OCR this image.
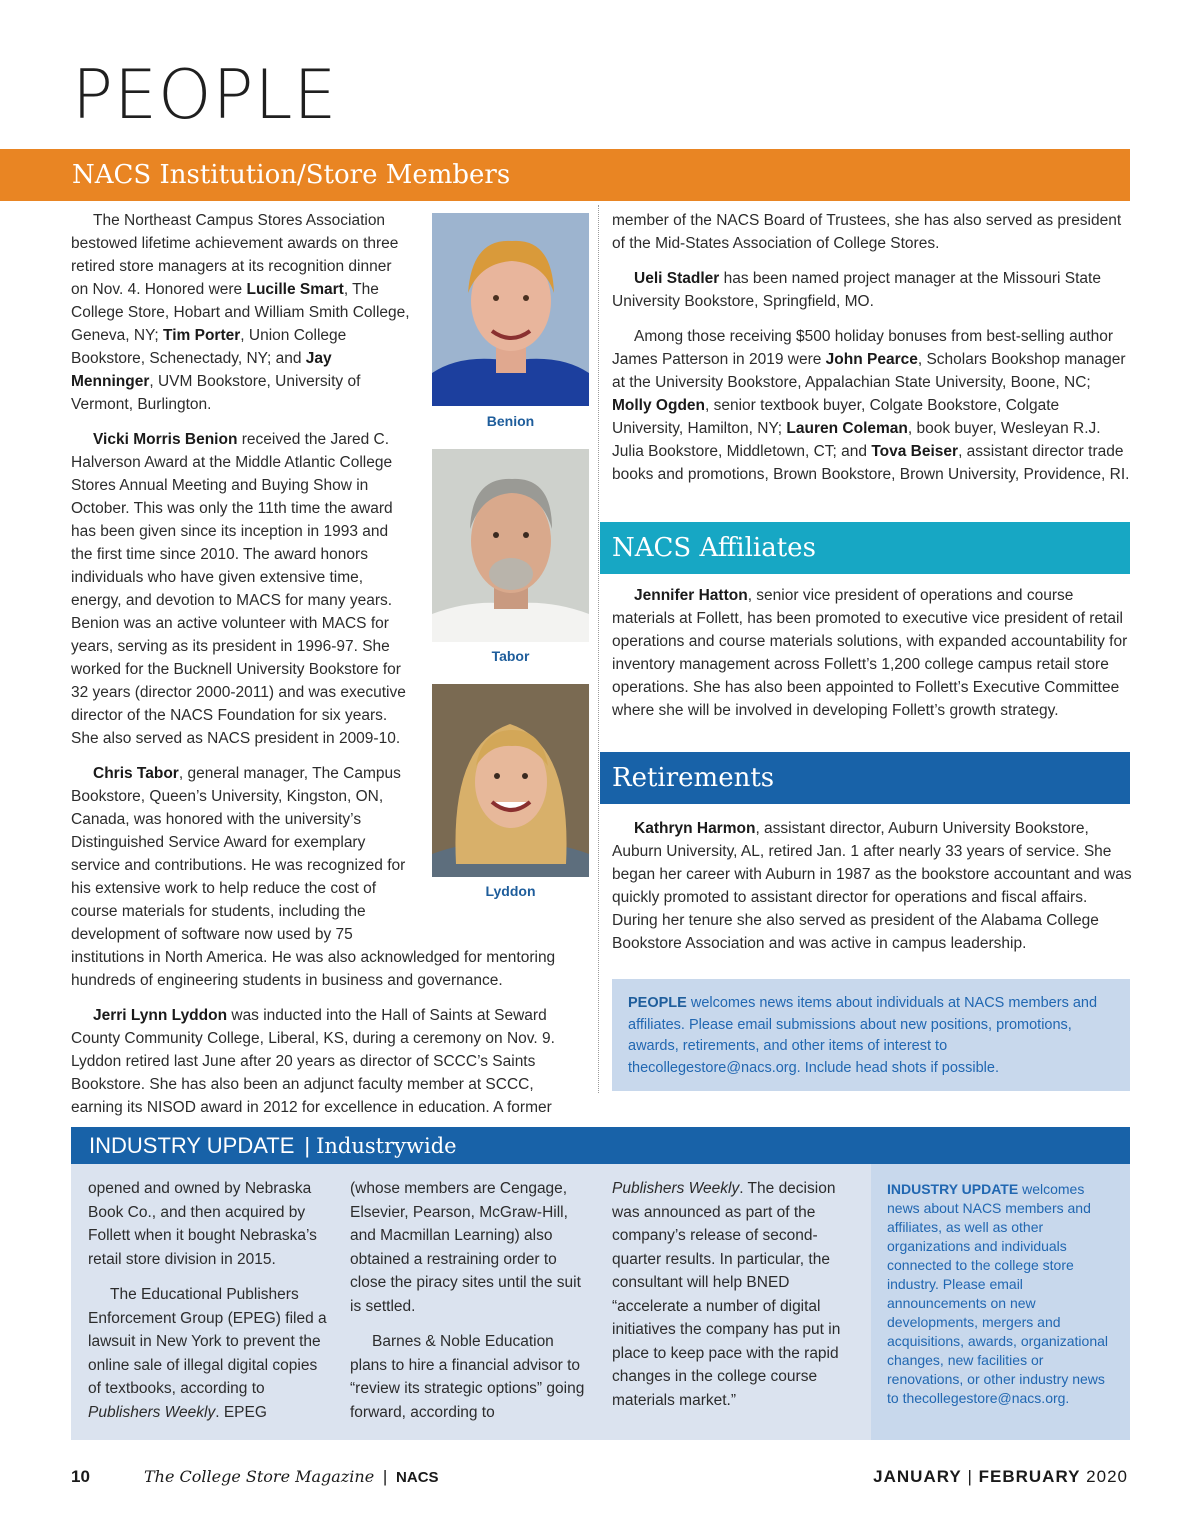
PEOPLE
NACS Institution/Store Members
Benion
Tabor
Lyddon

The Northeast Campus Stores Association bestowed lifetime achievement awards on three retired store managers at its recognition dinner on Nov. 4. Honored were Lucille Smart, The College Store, Hobart and William Smith College, Geneva, NY; Tim Porter, Union College Bookstore, Schenectady, NY; and Jay Menninger, UVM Bookstore, University of Vermont, Burlington.

Vicki Morris Benion received the Jared C. Halverson Award at the Middle Atlantic College Stores Annual Meeting and Buying Show in October. This was only the 11th time the award has been given since its inception in 1993 and the first time since 2010. The award honors individuals who have given extensive time, energy, and devotion to MACS for many years. Benion was an active volunteer with MACS for years, serving as its president in 1996-97. She worked for the Bucknell University Bookstore for 32 years (director 2000-2011) and was executive director of the NACS Foundation for six years. She also served as NACS president in 2009-10.

Chris Tabor, general manager, The Campus Bookstore, Queen’s University, Kingston, ON, Canada, was honored with the university’s Distinguished Service Award for exemplary service and contributions. He was recognized for his extensive work to help reduce the cost of course materials for students, including the development of software now used by 75 institutions in North America. He was also acknowledged for mentoring hundreds of engineering students in business and governance.

Jerri Lynn Lyddon was inducted into the Hall of Saints at Seward County Community College, Liberal, KS, during a ceremony on Nov. 9. Lyddon retired last June after 20 years as director of SCCC’s Saints Bookstore. She has also been an adjunct faculty member at SCCC, earning its NISOD award in 2012 for excellence in education. A former

member of the NACS Board of Trustees, she has also served as president of the Mid-States Association of College Stores.

Ueli Stadler has been named project manager at the Missouri State University Bookstore, Springfield, MO.

Among those receiving $500 holiday bonuses from best-selling author James Patterson in 2019 were John Pearce, Scholars Bookshop manager at the University Bookstore, Appalachian State University, Boone, NC; Molly Ogden, senior textbook buyer, Colgate Bookstore, Colgate University, Hamilton, NY; Lauren Coleman, book buyer, Wesleyan R.J. Julia Bookstore, Middletown, CT; and Tova Beiser, assistant director trade books and promotions, Brown Bookstore, Brown University, Providence, RI.

NACS Affiliates

Jennifer Hatton, senior vice president of operations and course materials at Follett, has been promoted to executive vice president of retail operations and course materials solutions, with expanded accountability for inventory management across Follett’s 1,200 college campus retail store operations. She has also been appointed to Follett’s Executive Committee where she will be involved in developing Follett’s growth strategy.

Retirements

Kathryn Harmon, assistant director, Auburn University Bookstore, Auburn University, AL, retired Jan. 1 after nearly 33 years of service. She began her career with Auburn in 1987 as the bookstore accountant and was quickly promoted to assistant director for operations and fiscal affairs. During her tenure she also served as president of the Alabama College Bookstore Association and was active in campus leadership.

PEOPLE welcomes news items about individuals at NACS members and affiliates. Please email submissions about new positions, promotions, awards, retirements, and other items of interest to thecollegestore@nacs.org. Include head shots if possible.
INDUSTRY UPDATE | Industrywide

opened and owned by Nebraska Book Co., and then acquired by Follett when it bought Nebraska’s retail store division in 2015.

The Educational Publishers Enforcement Group (EPEG) filed a lawsuit in New York to prevent the online sale of illegal digital copies of textbooks, according to Publishers Weekly. EPEG

(whose members are Cengage, Elsevier, Pearson, McGraw-Hill, and Macmillan Learning) also obtained a restraining order to close the piracy sites until the suit is settled.

Barnes & Noble Education plans to hire a financial advisor to “review its strategic options” going forward, according to

Publishers Weekly. The decision was announced as part of the company’s release of second-quarter results. In particular, the consultant will help BNED “accelerate a number of digital initiatives the company has put in place to keep pace with the rapid changes in the college course materials market.”

INDUSTRY UPDATE welcomes news about NACS members and affiliates, as well as other organizations and individuals connected to the college store industry. Please email announcements on new developments, mergers and acquisitions, awards, organizational changes, new facilities or renovations, or other industry news to thecollegestore@nacs.org.
10	The College Store Magazine | NACS	JANUARY | FEBRUARY 2020
